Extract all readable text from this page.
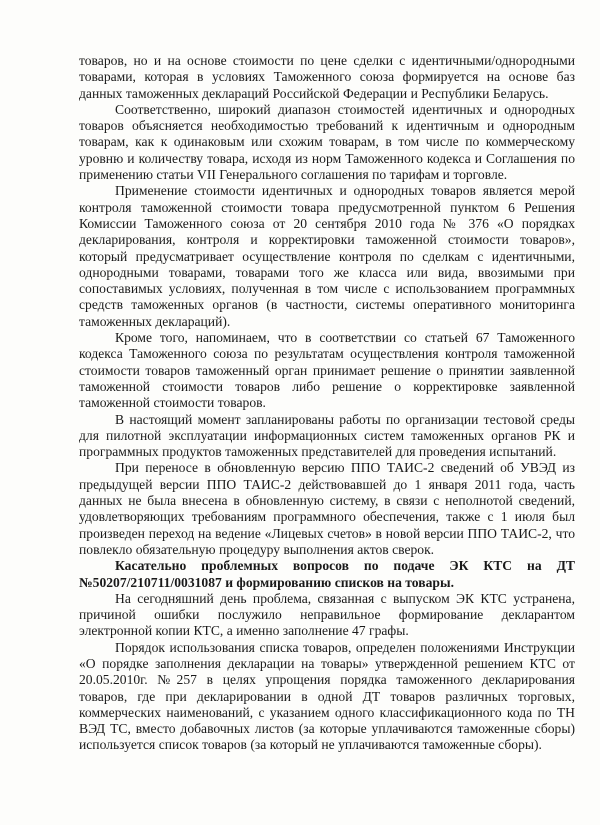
товаров, но и на основе стоимости по цене сделки с идентичными/однородными товарами, которая в условиях Таможенного союза формируется на основе баз данных таможенных деклараций Российской Федерации и Республики Беларусь.

Соответственно, широкий диапазон стоимостей идентичных и однородных товаров объясняется необходимостью требований к идентичным и однородным товарам, как к одинаковым или схожим товарам, в том числе по коммерческому уровню и количеству товара, исходя из норм Таможенного кодекса и Соглашения по применению статьи VII Генерального соглашения по тарифам и торговле.

Применение стоимости идентичных и однородных товаров является мерой контроля таможенной стоимости товара предусмотренной пунктом 6 Решения Комиссии Таможенного союза от 20 сентября 2010 года № 376 «О порядках декларирования, контроля и корректировки таможенной стоимости товаров», который предусматривает осуществление контроля по сделкам с идентичными, однородными товарами, товарами того же класса или вида, ввозимыми при сопоставимых условиях, полученная в том числе с использованием программных средств таможенных органов (в частности, системы оперативного мониторинга таможенных деклараций).

Кроме того, напоминаем, что в соответствии со статьей 67 Таможенного кодекса Таможенного союза по результатам осуществления контроля таможенной стоимости товаров таможенный орган принимает решение о принятии заявленной таможенной стоимости товаров либо решение о корректировке заявленной таможенной стоимости товаров.

В настоящий момент запланированы работы по организации тестовой среды для пилотной эксплуатации информационных систем таможенных органов РК и программных продуктов таможенных представителей для проведения испытаний.

При переносе в обновленную версию ППО ТАИС-2 сведений об УВЭД из предыдущей версии ППО ТАИС-2 действовавшей до 1 января 2011 года, часть данных не была внесена в обновленную систему, в связи с неполнотой сведений, удовлетворяющих требованиям программного обеспечения, также с 1 июля был произведен переход на ведение «Лицевых счетов» в новой версии ППО ТАИС-2, что повлекло обязательную процедуру выполнения актов сверок.

Касательно проблемных вопросов по подаче ЭК КТС на ДТ №50207/210711/0031087 и формированию списков на товары.

На сегодняшний день проблема, связанная с выпуском ЭК КТС устранена, причиной ошибки послужило неправильное формирование декларантом электронной копии КТС, а именно заполнение 47 графы.

Порядок использования списка товаров, определен положениями Инструкции «О порядке заполнения декларации на товары» утвержденной решением КТС от 20.05.2010г. №257 в целях упрощения порядка таможенного декларирования товаров, где при декларировании в одной ДТ товаров различных торговых, коммерческих наименований, с указанием одного классификационного кода по ТН ВЭД ТС, вместо добавочных листов (за которые уплачиваются таможенные сборы) используется список товаров (за который не уплачиваются таможенные сборы).
